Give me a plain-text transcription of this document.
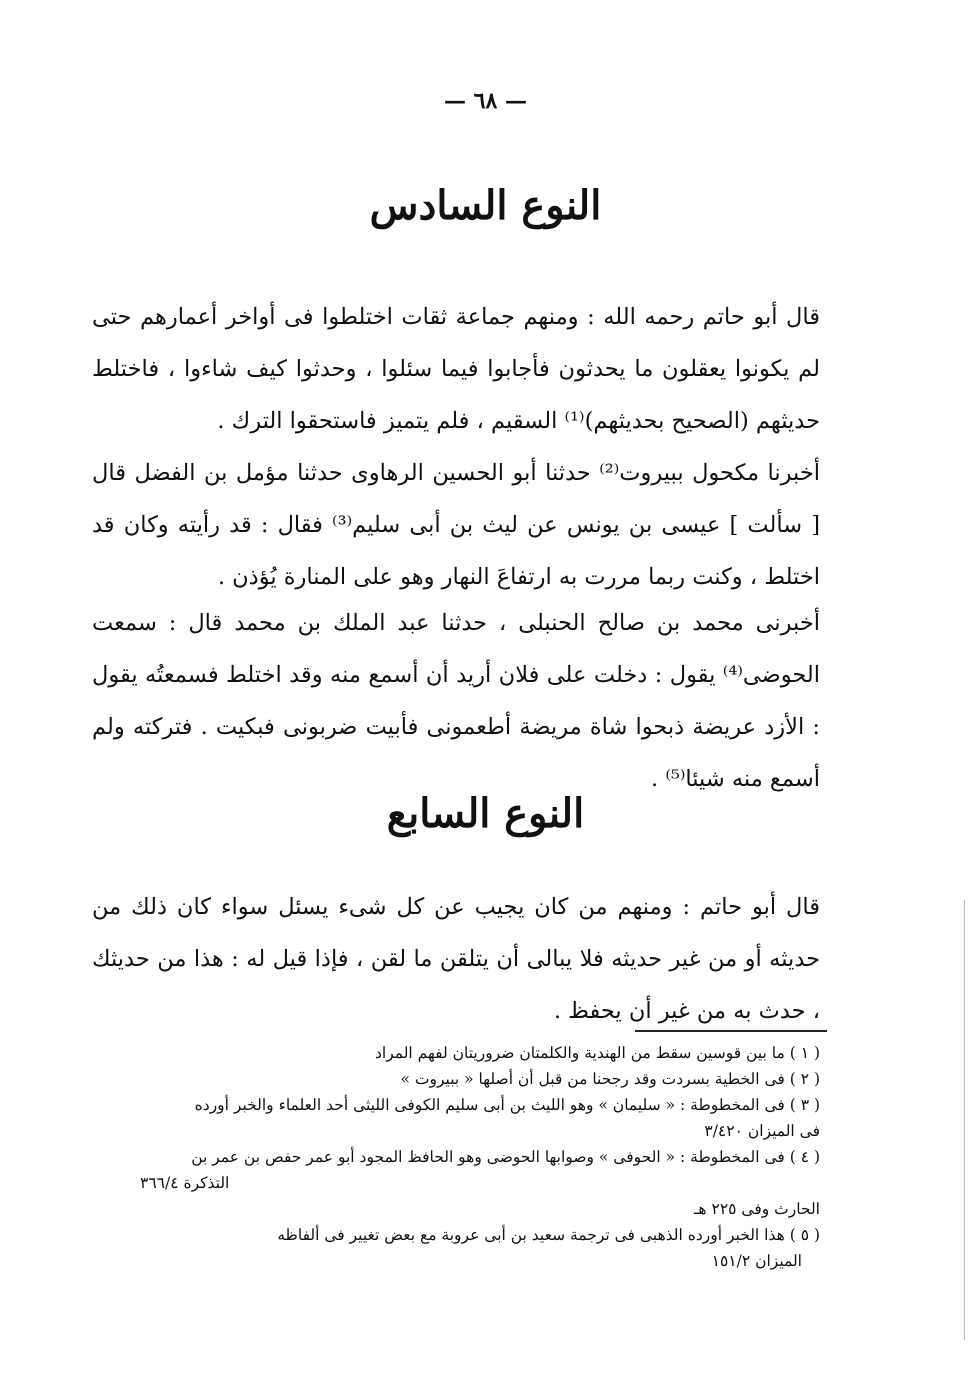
— ٦٨ —
النوع السادس

قال أبو حاتم رحمه الله : ومنهم جماعة ثقات اختلطوا فى أواخر أعمارهم حتى لم يكونوا يعقلون ما يحدثون فأجابوا فيما سئلوا ، وحدثوا كيف شاءوا ، فاختلط حديثهم (الصحيح بحديثهم)⁽¹⁾ السقيم ، فلم يتميز فاستحقوا الترك .

أخبرنا مكحول ببيروت⁽²⁾ حدثنا أبو الحسين الرهاوى حدثنا مؤمل بن الفضل قال [ سألت ] عيسى بن يونس عن ليث بن أبى سليم⁽³⁾ فقال : قد رأيته وكان قد اختلط ، وكنت ربما مررت به ارتفاعَ النهار وهو على المنارة يُؤذن .

أخبرنى محمد بن صالح الحنبلى ، حدثنا عبد الملك بن محمد قال : سمعت الحوضى⁽⁴⁾ يقول : دخلت على فلان أريد أن أسمع منه وقد اختلط فسمعتُه يقول : الأزد عريضة ذبحوا شاة مريضة أطعمونى فأبيت ضربونى فبكيت . فتركته ولم أسمع منه شيئا⁽⁵⁾ .

النوع السابع

قال أبو حاتم : ومنهم من كان يجيب عن كل شىء يسئل سواء كان ذلك من حديثه أو من غير حديثه فلا يبالى أن يتلقن ما لقن ، فإذا قيل له : هذا من حديثك ، حدث به من غير أن يحفظ .

( ١ ) ما بين قوسين سقط من الهندية والكلمتان ضروريتان لفهم المراد
( ٢ ) فى الخطية بسردت وقد رجحنا من قبل أن أصلها « ببيروت »
( ٣ ) فى المخطوطة : « سليمان » وهو الليث بن أبى سليم الكوفى الليثى أحد العلماء والخبر أورده
فى الميزان ٣/٤٢٠
( ٤ ) فى المخطوطة : « الحوفى » وصوابها الحوضى وهو الحافظ المجود أبو عمر حفص بن عمر بن
التذكرة ٣٦٦/٤
الحارث وفى ٢٢٥ هـ
( ٥ ) هذا الخبر أورده الذهبى فى ترجمة سعيد بن أبى عروبة مع بعض تغيير فى ألفاظه
الميزان ١٥١/٢
